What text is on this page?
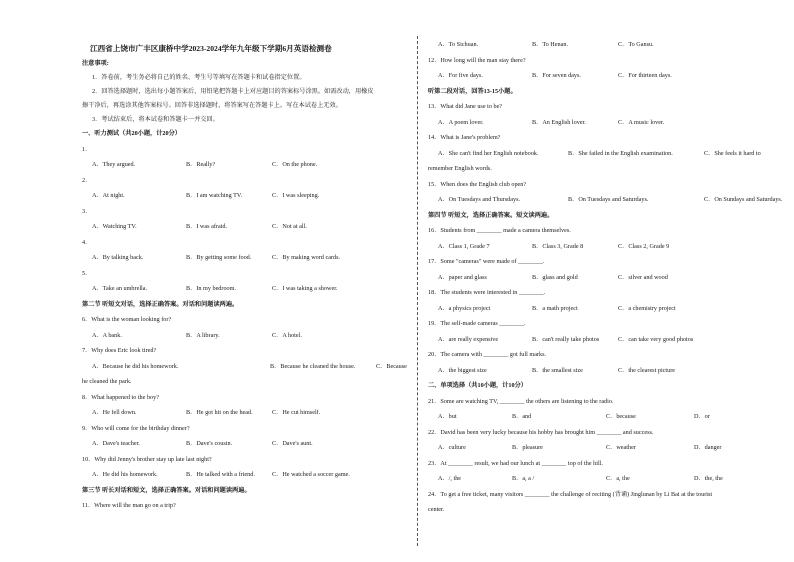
江西省上饶市广丰区康桥中学2023-2024学年九年级下学期6月英语检测卷
注意事项:
1．答卷前，考生务必将自己的姓名、考生号等填写在答题卡和试卷指定位置。
2．回答选择题时，选出每小题答案后，用铅笔把答题卡上对应题目的答案标号涂黑。如需改动，用橡皮
擦干净后，再选涂其他答案标号。回答非选择题时，将答案写在答题卡上。写在本试卷上无效。
3．考试结束后，将本试卷和答题卡一并交回。
一、听力测试（共20小题，计20分）
1．
A．They argued.	B．Really?	C．On the phone.
2．
A．At night.	B．I am watching TV.	C．I was sleeping.
3．
A．Watching TV.	B．I was afraid.	C．Not at all.
4．
A．By talking back.	B．By getting some food.	C．By making word cards.
5．
A．Take an umbrella.	B．In my bedroom.	C．I was taking a shower.
第二节 听短文对话，选择正确答案。对话和问题读两遍。
6．What is the woman looking for?
A．A bank.	B．A library.	C．A hotel.
7．Why does Eric look tired?
A．Because he did his homework.	B．Because he cleaned the house.	C．Because
he cleaned the park.
8．What happened to the boy?
A．He fell down.	B．He got hit on the head.	C．He cut himself.
9．Who will come for the birthday dinner?
A．Dave's teacher.	B．Dave's cousin.	C．Dave's aunt.
10．Why did Jenny's brother stay up late last night?
A．He did his homework.	B．He talked with a friend.	C．He watched a soccer game.
第三节 听长对话和短文，选择正确答案。对话和问题读两遍。
11．Where will the man go on a trip?
A．To Sichuan.	B．To Henan.	C．To Gansu.
12．How long will the man stay there?
A．For five days.	B．For seven days.	C．For thirteen days.
听第二段对话，回答13-15小题。
13．What did Jane use to be?
A．A poem lover.	B．An English lover.	C．A music lover.
14．What is Jane's problem?
A．She can't find her English notebook.	B．She failed in the English examination.	C．She feels it hard to
remember English words.
15．When does the English club open?
A．On Tuesdays and Thursdays.	B．On Tuesdays and Saturdays.	C．On Sundays and Saturdays.
第四节 听短文，选择正确答案。短文读两遍。
16．Students from ________ made a camera themselves.
A．Class 1, Grade 7	B．Class 3, Grade 8	C．Class 2, Grade 9
17．Some "cameras" were made of ________.
A．paper and glass	B．glass and gold	C．silver and wood
18．The students were interested in ________.
A．a physics project	B．a math project	C．a chemistry project
19．The self-made cameras ________.
A．are really expensive	B．can't really take photos	C．can take very good photos
20．The camera with ________ got full marks.
A．the biggest size	B．the smallest size	C．the clearest picture
二、单项选择（共10小题，计10分）
21．Some are watching TV, ________ the others are listening to the radio.
A．but	B．and	C．because	D．or
22．David has been very lucky because his hobby has brought him ________ and success.
A．culture	B．pleasure	C．weather	D．danger
23．At ________ result, we had our lunch at ________ top of the hill.
A．/, the	B．a, a /	C．a, the	D．the, the
24．To get a free ticket, many visitors ________ the challenge of reciting (背诵) Jinglunan by Li Bai at the tourist
center.
